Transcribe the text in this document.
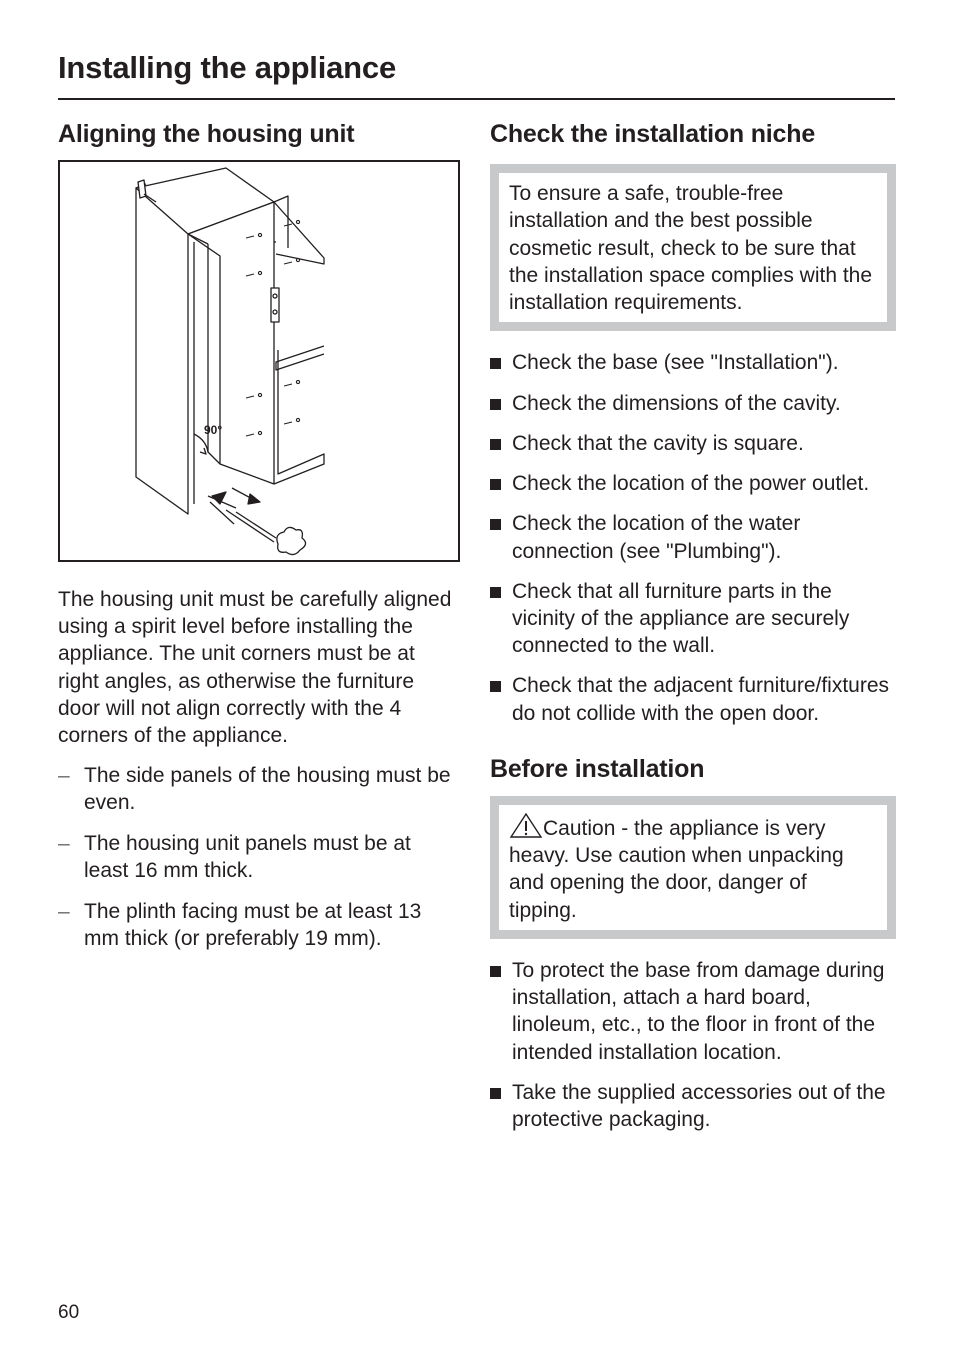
Installing the appliance
Aligning the housing unit
90°

The housing unit must be carefully aligned using a spirit level before installing the appliance. The unit corners must be at right angles, as otherwise the furniture door will not align correctly with the 4 corners of the appliance.

– The side panels of the housing must be even.
– The housing unit panels must be at least 16 mm thick.
– The plinth facing must be at least 13 mm thick (or preferably 19 mm).
Check the installation niche
To ensure a safe, trouble-free installation and the best possible cosmetic result, check to be sure that the installation space complies with the installation requirements.
Check the base (see "Installation").
Check the dimensions of the cavity.
Check that the cavity is square.
Check the location of the power outlet.
Check the location of the water connection (see "Plumbing").
Check that all furniture parts in the vicinity of the appliance are securely connected to the wall.
Check that the adjacent furniture/fixtures do not collide with the open door.
Before installation
Caution - the appliance is very heavy. Use caution when unpacking and opening the door, danger of tipping.
To protect the base from damage during installation, attach a hard board, linoleum, etc., to the floor in front of the intended installation location.
Take the supplied accessories out of the protective packaging.
60
